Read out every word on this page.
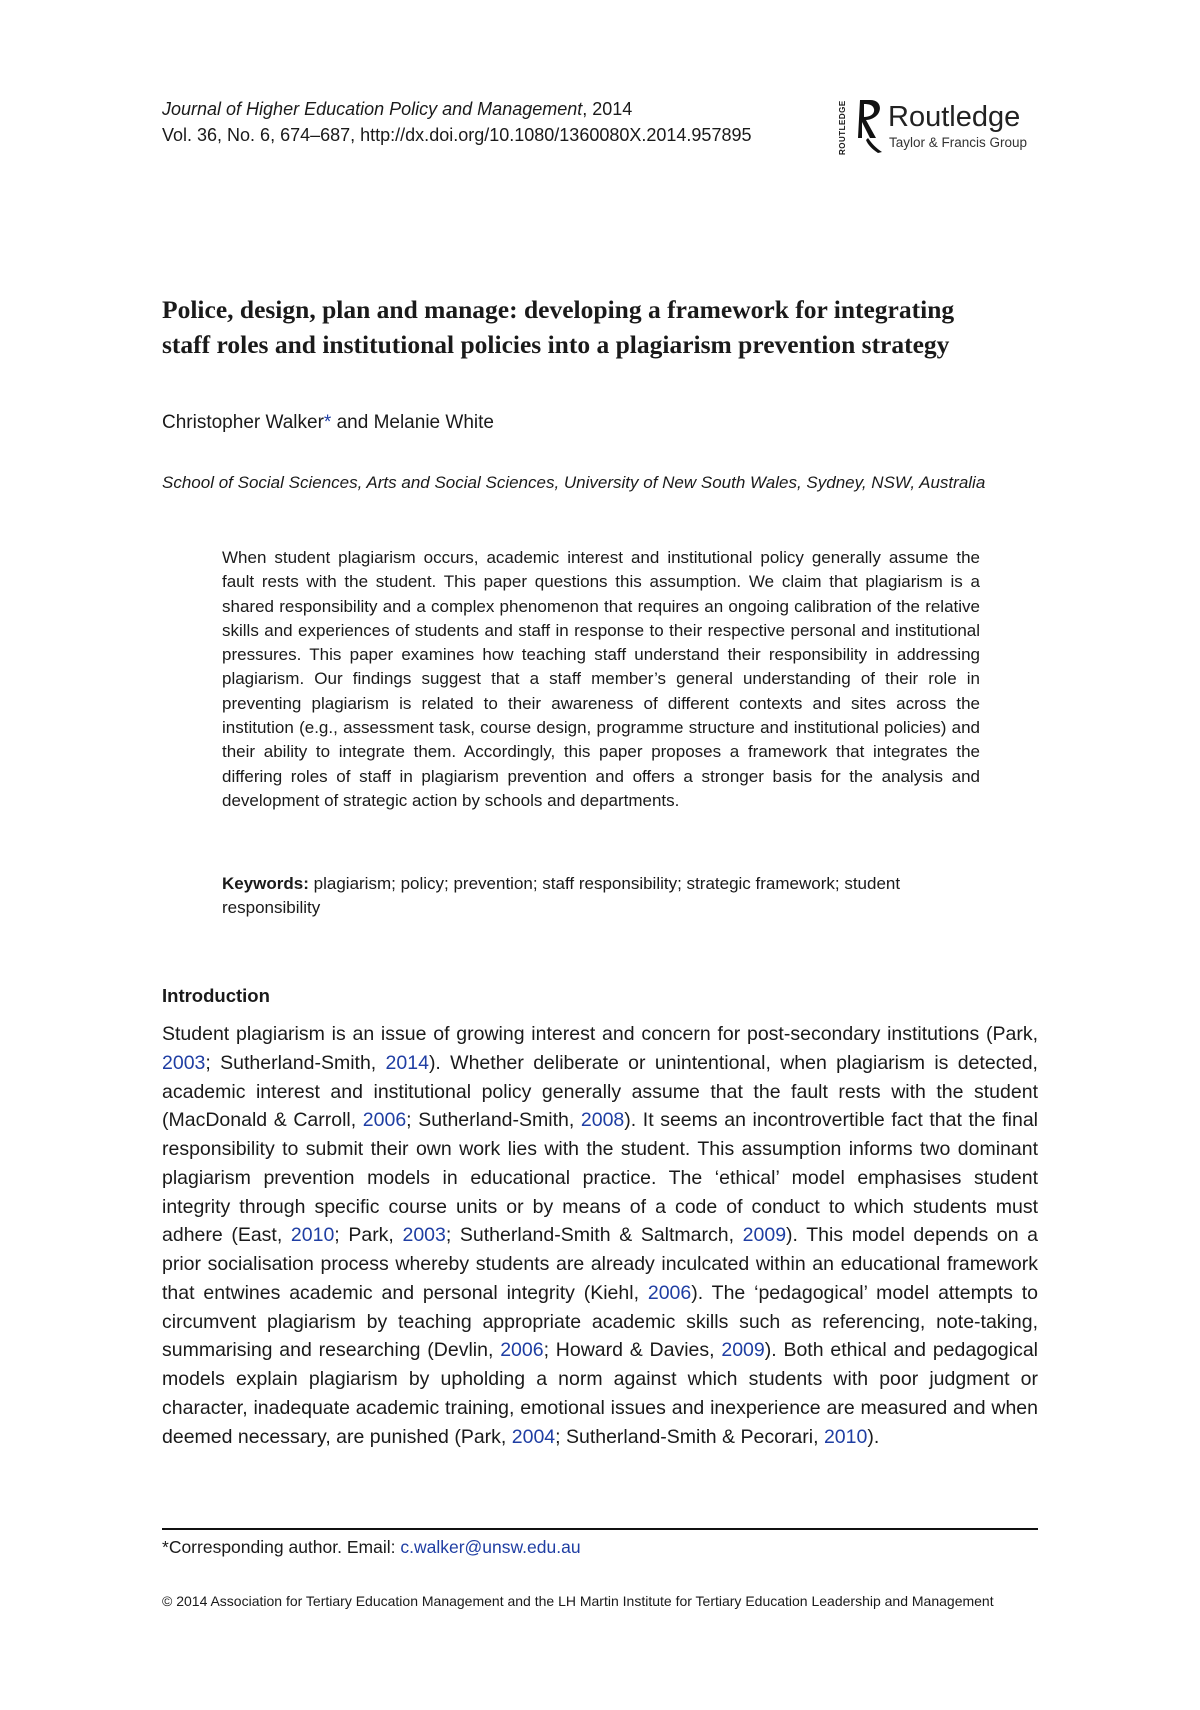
Journal of Higher Education Policy and Management, 2014
Vol. 36, No. 6, 674–687, http://dx.doi.org/10.1080/1360080X.2014.957895	ROUTLEDGE Routledge
Taylor & Francis Group
Police, design, plan and manage: developing a framework for integrating staff roles and institutional policies into a plagiarism prevention strategy
Christopher Walker* and Melanie White
School of Social Sciences, Arts and Social Sciences, University of New South Wales, Sydney, NSW, Australia
When student plagiarism occurs, academic interest and institutional policy generally assume the fault rests with the student. This paper questions this assumption. We claim that plagiarism is a shared responsibility and a complex phenomenon that requires an ongoing calibration of the relative skills and experiences of students and staff in response to their respective personal and institutional pressures. This paper examines how teaching staff understand their responsibility in addressing plagiarism. Our findings suggest that a staff member’s general understanding of their role in preventing plagiarism is related to their awareness of different contexts and sites across the institution (e.g., assessment task, course design, programme structure and institutional policies) and their ability to integrate them. Accordingly, this paper proposes a framework that integrates the differing roles of staff in plagiarism prevention and offers a stronger basis for the analysis and development of strategic action by schools and departments.
Keywords: plagiarism; policy; prevention; staff responsibility; strategic framework; student responsibility
Introduction
Student plagiarism is an issue of growing interest and concern for post-secondary institutions (Park, 2003; Sutherland-Smith, 2014). Whether deliberate or unintentional, when plagiarism is detected, academic interest and institutional policy generally assume that the fault rests with the student (MacDonald & Carroll, 2006; Sutherland-Smith, 2008). It seems an incontrovertible fact that the final responsibility to submit their own work lies with the student. This assumption informs two dominant plagiarism prevention models in educational practice. The ‘ethical’ model emphasises student integrity through specific course units or by means of a code of conduct to which students must adhere (East, 2010; Park, 2003; Sutherland-Smith & Saltmarch, 2009). This model depends on a prior socialisation process whereby students are already inculcated within an educational framework that entwines academic and personal integrity (Kiehl, 2006). The ‘pedagogical’ model attempts to circumvent plagiarism by teaching appropriate academic skills such as referencing, note-taking, summarising and researching (Devlin, 2006; Howard & Davies, 2009). Both ethical and pedagogical models explain plagiarism by upholding a norm against which students with poor judgment or character, inadequate academic training, emotional issues and inexperience are measured and when deemed necessary, are punished (Park, 2004; Sutherland-Smith & Pecorari, 2010).
*Corresponding author. Email: c.walker@unsw.edu.au
© 2014 Association for Tertiary Education Management and the LH Martin Institute for Tertiary Education Leadership and Management
